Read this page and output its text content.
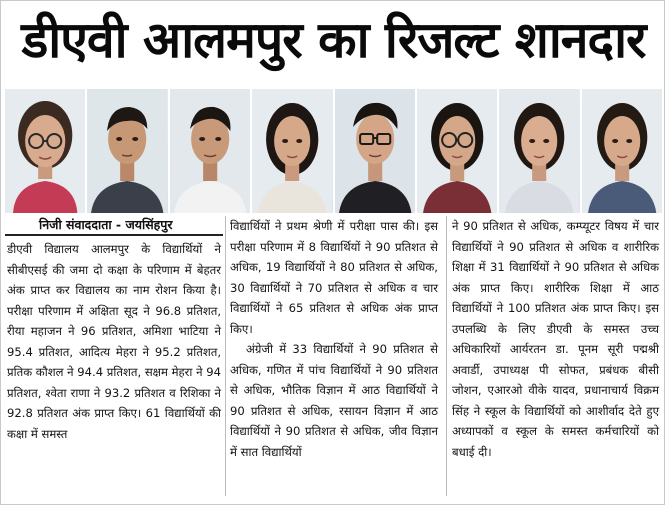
डीएवी आलमपुर का रिजल्ट शानदार
निजी संवाददाता - जयसिंहपुर

डीएवी विद्यालय आलमपुर के विद्यार्थियों ने सीबीएसई की जमा दो कक्षा के परिणाम में बेहतर अंक प्राप्त कर विद्यालय का नाम रोशन किया है। परीक्षा परिणाम में अक्षिता सूद ने 96.8 प्रतिशत, रीया महाजन ने 96 प्रतिशत, अमिशा भाटिया ने 95.4 प्रतिशत, आदित्य मेहरा ने 95.2 प्रतिशत, प्रतिक कौशल ने 94.4 प्रतिशत, सक्षम मेहरा ने 94 प्रतिशत, श्वेता राणा ने 93.2 प्रतिशत व रिशिका ने 92.8 प्रतिशत अंक प्राप्त किए। 61 विद्यार्थियों की कक्षा में समस्त

विद्यार्थियों ने प्रथम श्रेणी में परीक्षा पास की। इस परीक्षा परिणाम में 8 विद्यार्थियों ने 90 प्रतिशत से अधिक, 19 विद्यार्थियों ने 80 प्रतिशत से अधिक, 30 विद्यार्थियों ने 70 प्रतिशत से अधिक व चार विद्यार्थियों ने 65 प्रतिशत से अधिक अंक प्राप्त किए।

अंग्रेजी में 33 विद्यार्थियों ने 90 प्रतिशत से अधिक, गणित में पांच विद्यार्थियों ने 90 प्रतिशत से अधिक, भौतिक विज्ञान में आठ विद्यार्थियों ने 90 प्रतिशत से अधिक, रसायन विज्ञान में आठ विद्यार्थियों ने 90 प्रतिशत से अधिक, जीव विज्ञान में सात विद्यार्थियों

ने 90 प्रतिशत से अधिक, कम्प्यूटर विषय में चार विद्यार्थियों ने 90 प्रतिशत से अधिक व शारीरिक शिक्षा में 31 विद्यार्थियों ने 90 प्रतिशत से अधिक अंक प्राप्त किए। शारीरिक शिक्षा में आठ विद्यार्थियों ने 100 प्रतिशत अंक प्राप्त किए। इस उपलब्धि के लिए डीएवी के समस्त उच्च अधिकारियों आर्यरतन डा. पूनम सूरी पद्मश्री अवार्डी, उपाध्यक्ष पी सोफत, प्रबंधक बीसी जोशन, एआरओ वीके यादव, प्रधानाचार्य विक्रम सिंह ने स्कूल के विद्यार्थियों को आशीर्वाद देते हुए अध्यापकों व स्कूल के समस्त कर्मचारियों को बधाई दी।
